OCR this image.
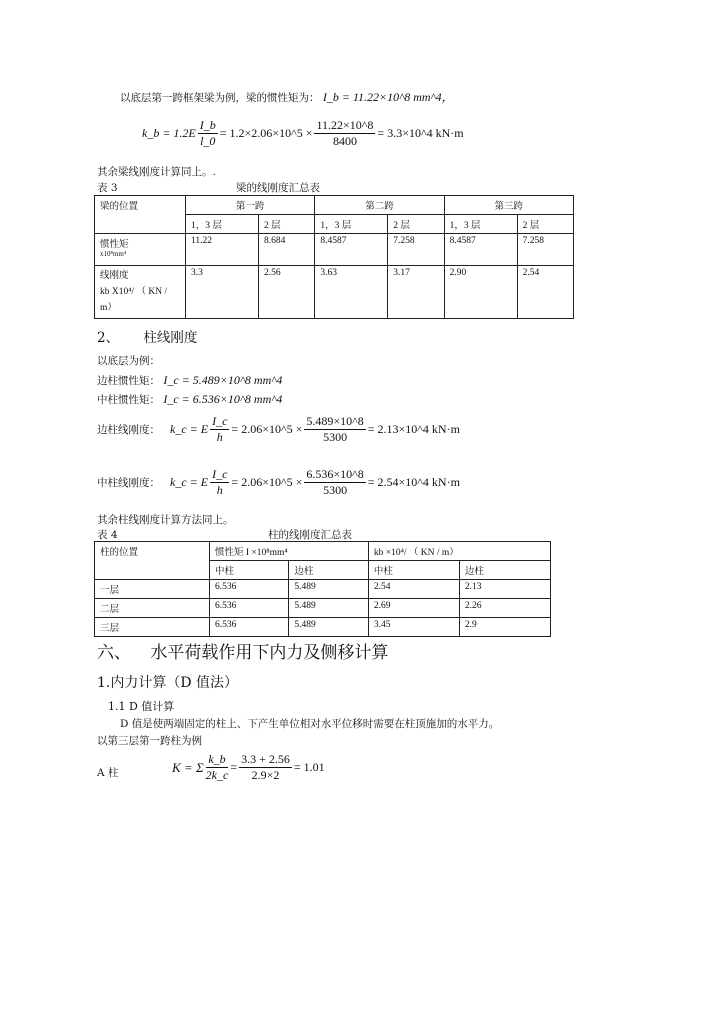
以底层第一跨框架梁为例，梁的惯性矩为： I_b = 11.22×10^8 mm^4，
k_b = $1.2E \frac{I\_b}{l\_0}$ = 1.2×2.06×10^5 × $\frac{11.22\times 10\^{}8}{8400}$ = 3.3×10^4 kN·m
其余梁线刚度计算同上。.
表 3	梁的线刚度汇总表
梁的位置	第一跨		第二跨		第三跨	
	1，3 层	2 层	1，3 层	2 层	1，3 层	2 层

惯性矩
x10⁸mm⁴	11.22	8.684	8.4587	7.258	8.4587	7.258

线刚度
kb X10⁴/ （ KN / m）	3.3	2.56	3.63	3.17	2.90	2.54
2、 柱线刚度
以底层为例：
边柱惯性矩： I_c = 5.489×10^8 mm^4
中柱惯性矩： I_c = 6.536×10^8 mm^4
边柱线刚度： k_c = E $\frac{I\_c}{h}$ = 2.06×10^5 × $\frac{5.489\times 10\^{}8}{5300}$ = 2.13×10^4 kN·m
中柱线刚度： k_c = E $\frac{I\_c}{h}$ = 2.06×10^5 × $\frac{6.536\times 10\^{}8}{5300}$ = 2.54×10^4 kN·m
其余柱线刚度计算方法同上。
表 4	柱的线刚度汇总表
柱的位置	惯性矩 I ×10⁸mm⁴		kb ×10⁴/ （ KN / m）	
	中柱	边柱	中柱	边柱
一层	6.536	5.489	2.54	2.13
二层	6.536	5.489	2.69	2.26
三层	6.536	5.489	3.45	2.9
六、 水平荷载作用下内力及侧移计算
1.内力计算（D 值法）
1.1 D 值计算
D 值是使两端固定的柱上、下产生单位相对水平位移时需要在柱顶施加的水平力。
以第三层第一跨柱为例
A 柱	K = Σ $\frac{k\_b}{2k\_c} = \frac{3.3 + 2.56}{2.9\times 2} = 1.01$
